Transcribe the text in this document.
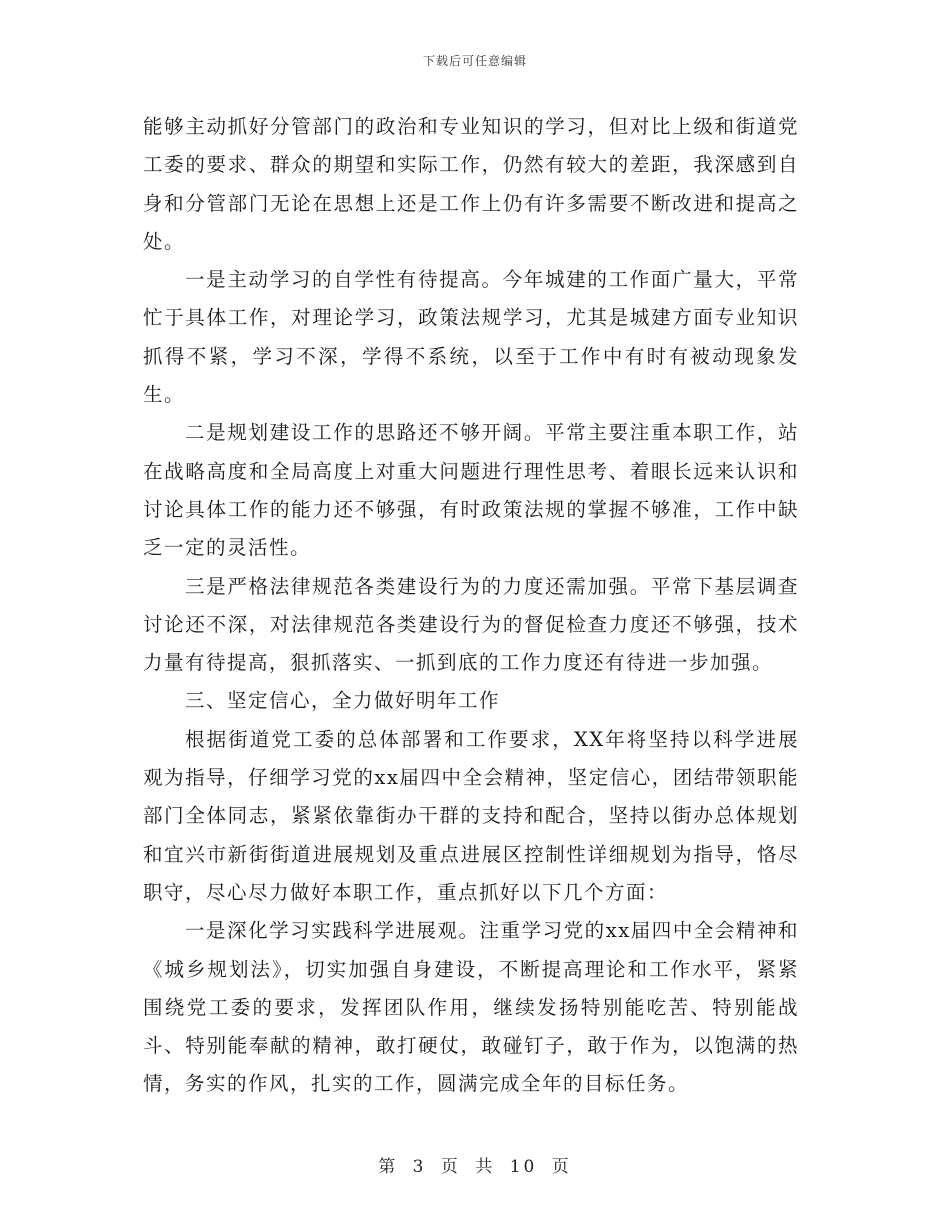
下载后可任意编辑

能够主动抓好分管部门的政治和专业知识的学习，但对比上级和街道党工委的要求、群众的期望和实际工作，仍然有较大的差距，我深感到自身和分管部门无论在思想上还是工作上仍有许多需要不断改进和提高之处。

一是主动学习的自学性有待提高。今年城建的工作面广量大，平常忙于具体工作，对理论学习，政策法规学习，尤其是城建方面专业知识抓得不紧，学习不深，学得不系统，以至于工作中有时有被动现象发生。

二是规划建设工作的思路还不够开阔。平常主要注重本职工作，站在战略高度和全局高度上对重大问题进行理性思考、着眼长远来认识和讨论具体工作的能力还不够强，有时政策法规的掌握不够准，工作中缺乏一定的灵活性。

三是严格法律规范各类建设行为的力度还需加强。平常下基层调查讨论还不深，对法律规范各类建设行为的督促检查力度还不够强，技术力量有待提高，狠抓落实、一抓到底的工作力度还有待进一步加强。

三、坚定信心，全力做好明年工作

根据街道党工委的总体部署和工作要求，XX年将坚持以科学进展观为指导，仔细学习党的xx届四中全会精神，坚定信心，团结带领职能部门全体同志，紧紧依靠街办干群的支持和配合，坚持以街办总体规划和宜兴市新街街道进展规划及重点进展区控制性详细规划为指导，恪尽职守，尽心尽力做好本职工作，重点抓好以下几个方面：

一是深化学习实践科学进展观。注重学习党的xx届四中全会精神和《城乡规划法》，切实加强自身建设，不断提高理论和工作水平，紧紧围绕党工委的要求，发挥团队作用，继续发扬特别能吃苦、特别能战斗、特别能奉献的精神，敢打硬仗，敢碰钉子，敢于作为，以饱满的热情，务实的作风，扎实的工作，圆满完成全年的目标任务。

第 3 页 共 10 页
